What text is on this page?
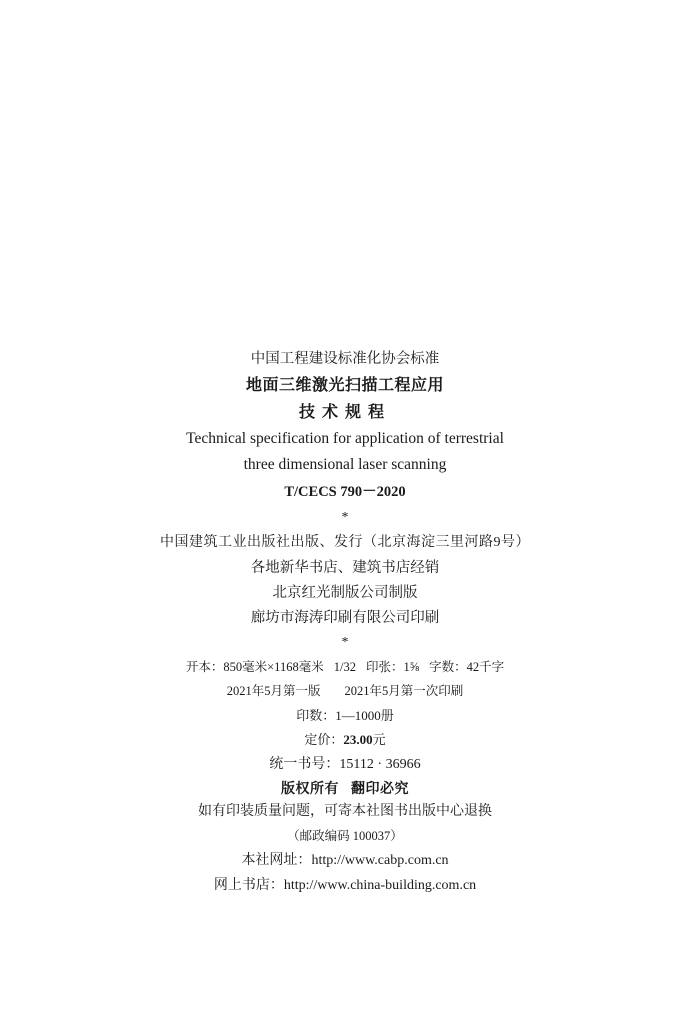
中国工程建设标准化协会标准
地面三维激光扫描工程应用
技术规程
Technical specification for application of terrestrial
three dimensional laser scanning
T/CECS 790－2020
*
中国建筑工业出版社出版、发行（北京海淀三里河路9号）
各地新华书店、建筑书店经销
北京红光制版公司制版
廊坊市海涛印刷有限公司印刷
*
开本：850毫米×1168毫米 1/32 印张：1⅝ 字数：42千字
2021年5月第一版 2021年5月第一次印刷
印数：1—1000册
定价：23.00元
统一书号：15112 · 36966
版权所有 翻印必究
如有印装质量问题，可寄本社图书出版中心退换
（邮政编码 100037）
本社网址：http://www.cabp.com.cn
网上书店：http://www.china-building.com.cn
